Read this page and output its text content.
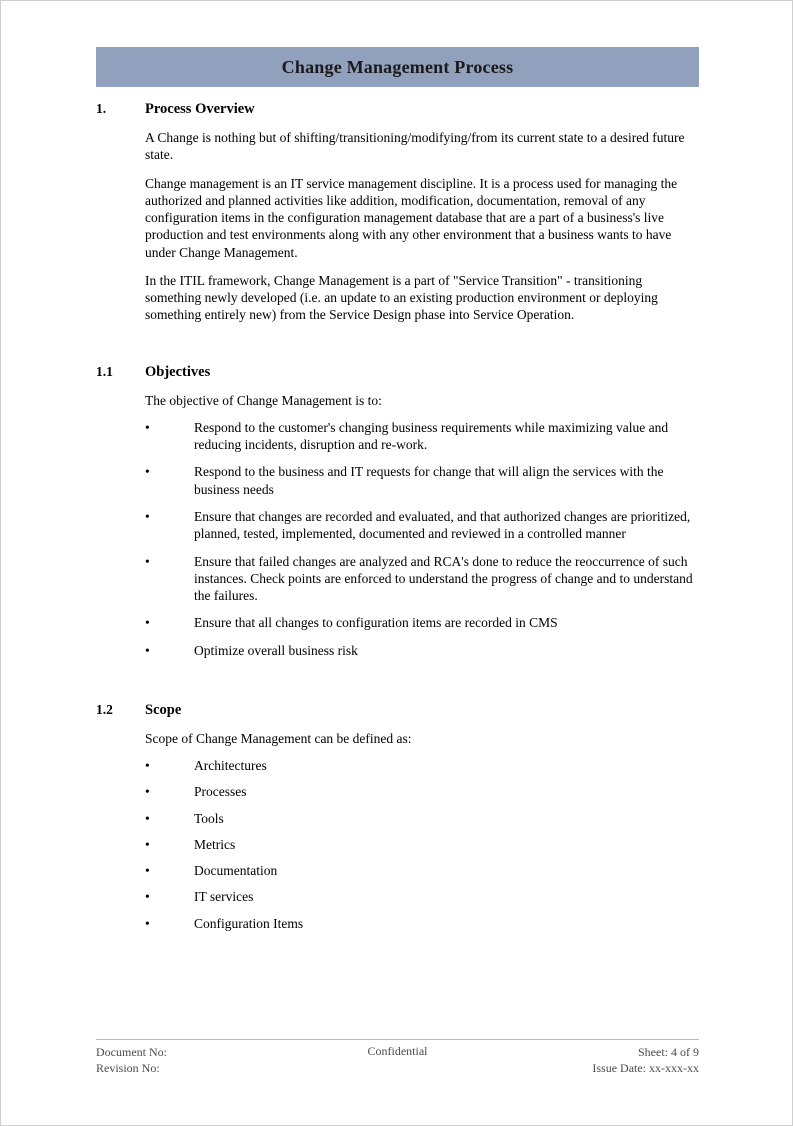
Change Management Process
1.	Process Overview
A Change is nothing but of shifting/transitioning/modifying/from its current state to a desired future state.
Change management is an IT service management discipline. It is a process used for managing the authorized and planned activities like addition, modification, documentation, removal of any configuration items in the configuration management database that are a part of a business's live production and test environments along with any other environment that a business wants to have under Change Management.
In the ITIL framework, Change Management is a part of "Service Transition" - transitioning something newly developed (i.e. an update to an existing production environment or deploying something entirely new) from the Service Design phase into Service Operation.
1.1	Objectives
The objective of Change Management is to:
•	Respond to the customer's changing business requirements while maximizing value and reducing incidents, disruption and re-work.
•	Respond to the business and IT requests for change that will align the services with the business needs
•	Ensure that changes are recorded and evaluated, and that authorized changes are prioritized, planned, tested, implemented, documented and reviewed in a controlled manner
•	Ensure that failed changes are analyzed and RCA's done to reduce the reoccurrence of such instances. Check points are enforced to understand the progress of change and to understand the failures.
•	Ensure that all changes to configuration items are recorded in CMS
•	Optimize overall business risk
1.2	Scope
Scope of Change Management can be defined as:
•	Architectures
•	Processes
•	Tools
•	Metrics
•	Documentation
•	IT services
•	Configuration Items
Document No:
Revision No:
Confidential	Sheet: 4 of 9
Issue Date: xx-xxx-xx
